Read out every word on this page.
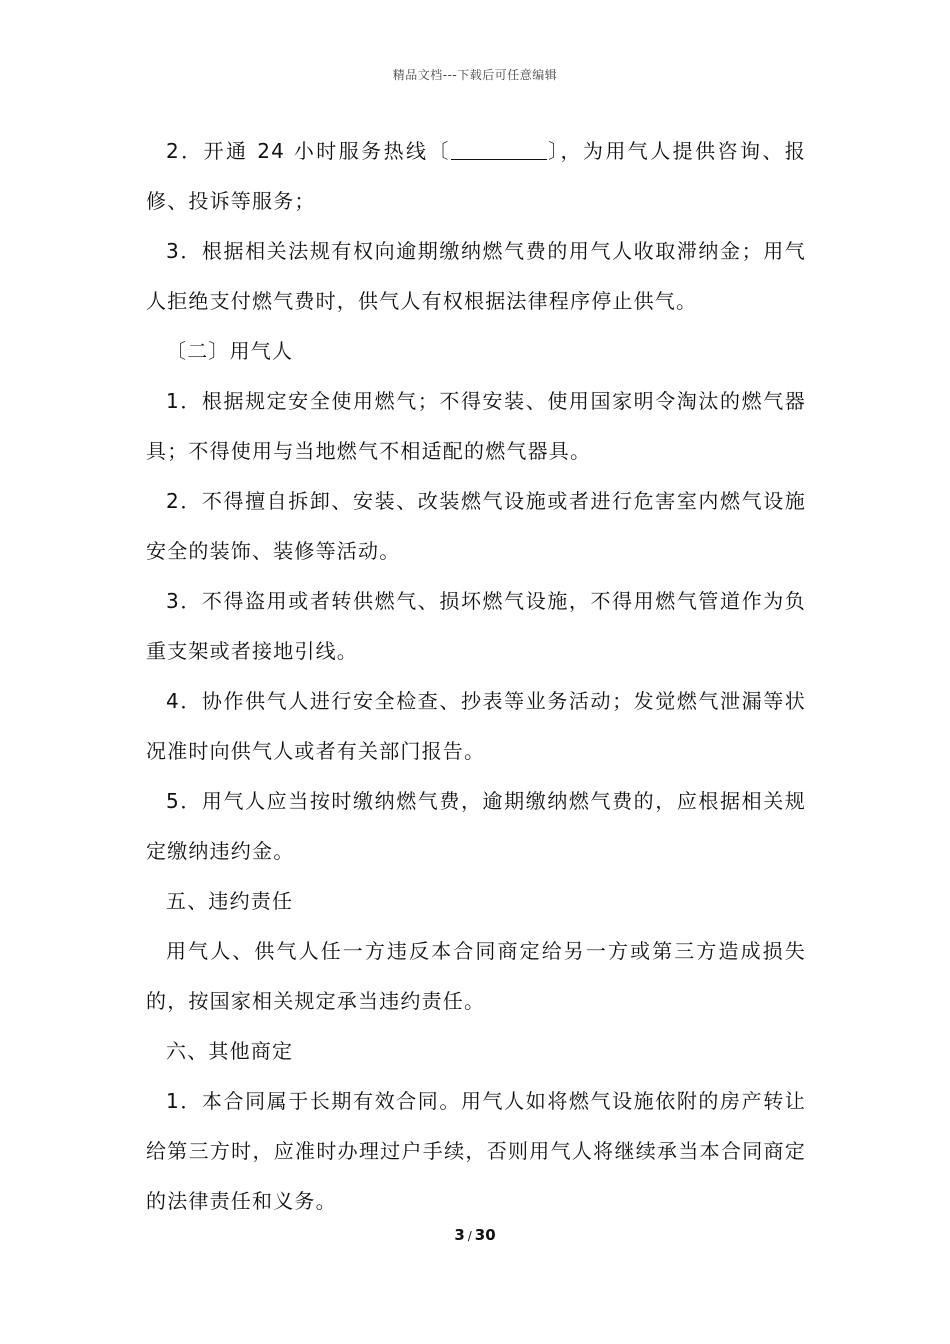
精品文档---下载后可任意编辑

2．开通 24 小时服务热线〔	〕，为用气人提供咨询、报修、投诉等服务；

3．根据相关法规有权向逾期缴纳燃气费的用气人收取滞纳金；用气人拒绝支付燃气费时，供气人有权根据法律程序停止供气。

〔二〕用气人

1．根据规定安全使用燃气；不得安装、使用国家明令淘汰的燃气器具；不得使用与当地燃气不相适配的燃气器具。

2．不得擅自拆卸、安装、改装燃气设施或者进行危害室内燃气设施安全的装饰、装修等活动。

3．不得盗用或者转供燃气、损坏燃气设施，不得用燃气管道作为负重支架或者接地引线。

4．协作供气人进行安全检查、抄表等业务活动；发觉燃气泄漏等状况准时向供气人或者有关部门报告。

5．用气人应当按时缴纳燃气费，逾期缴纳燃气费的，应根据相关规定缴纳违约金。

五、违约责任

用气人、供气人任一方违反本合同商定给另一方或第三方造成损失的，按国家相关规定承当违约责任。

六、其他商定

1．本合同属于长期有效合同。用气人如将燃气设施依附的房产转让给第三方时，应准时办理过户手续，否则用气人将继续承当本合同商定的法律责任和义务。

3 / 30
